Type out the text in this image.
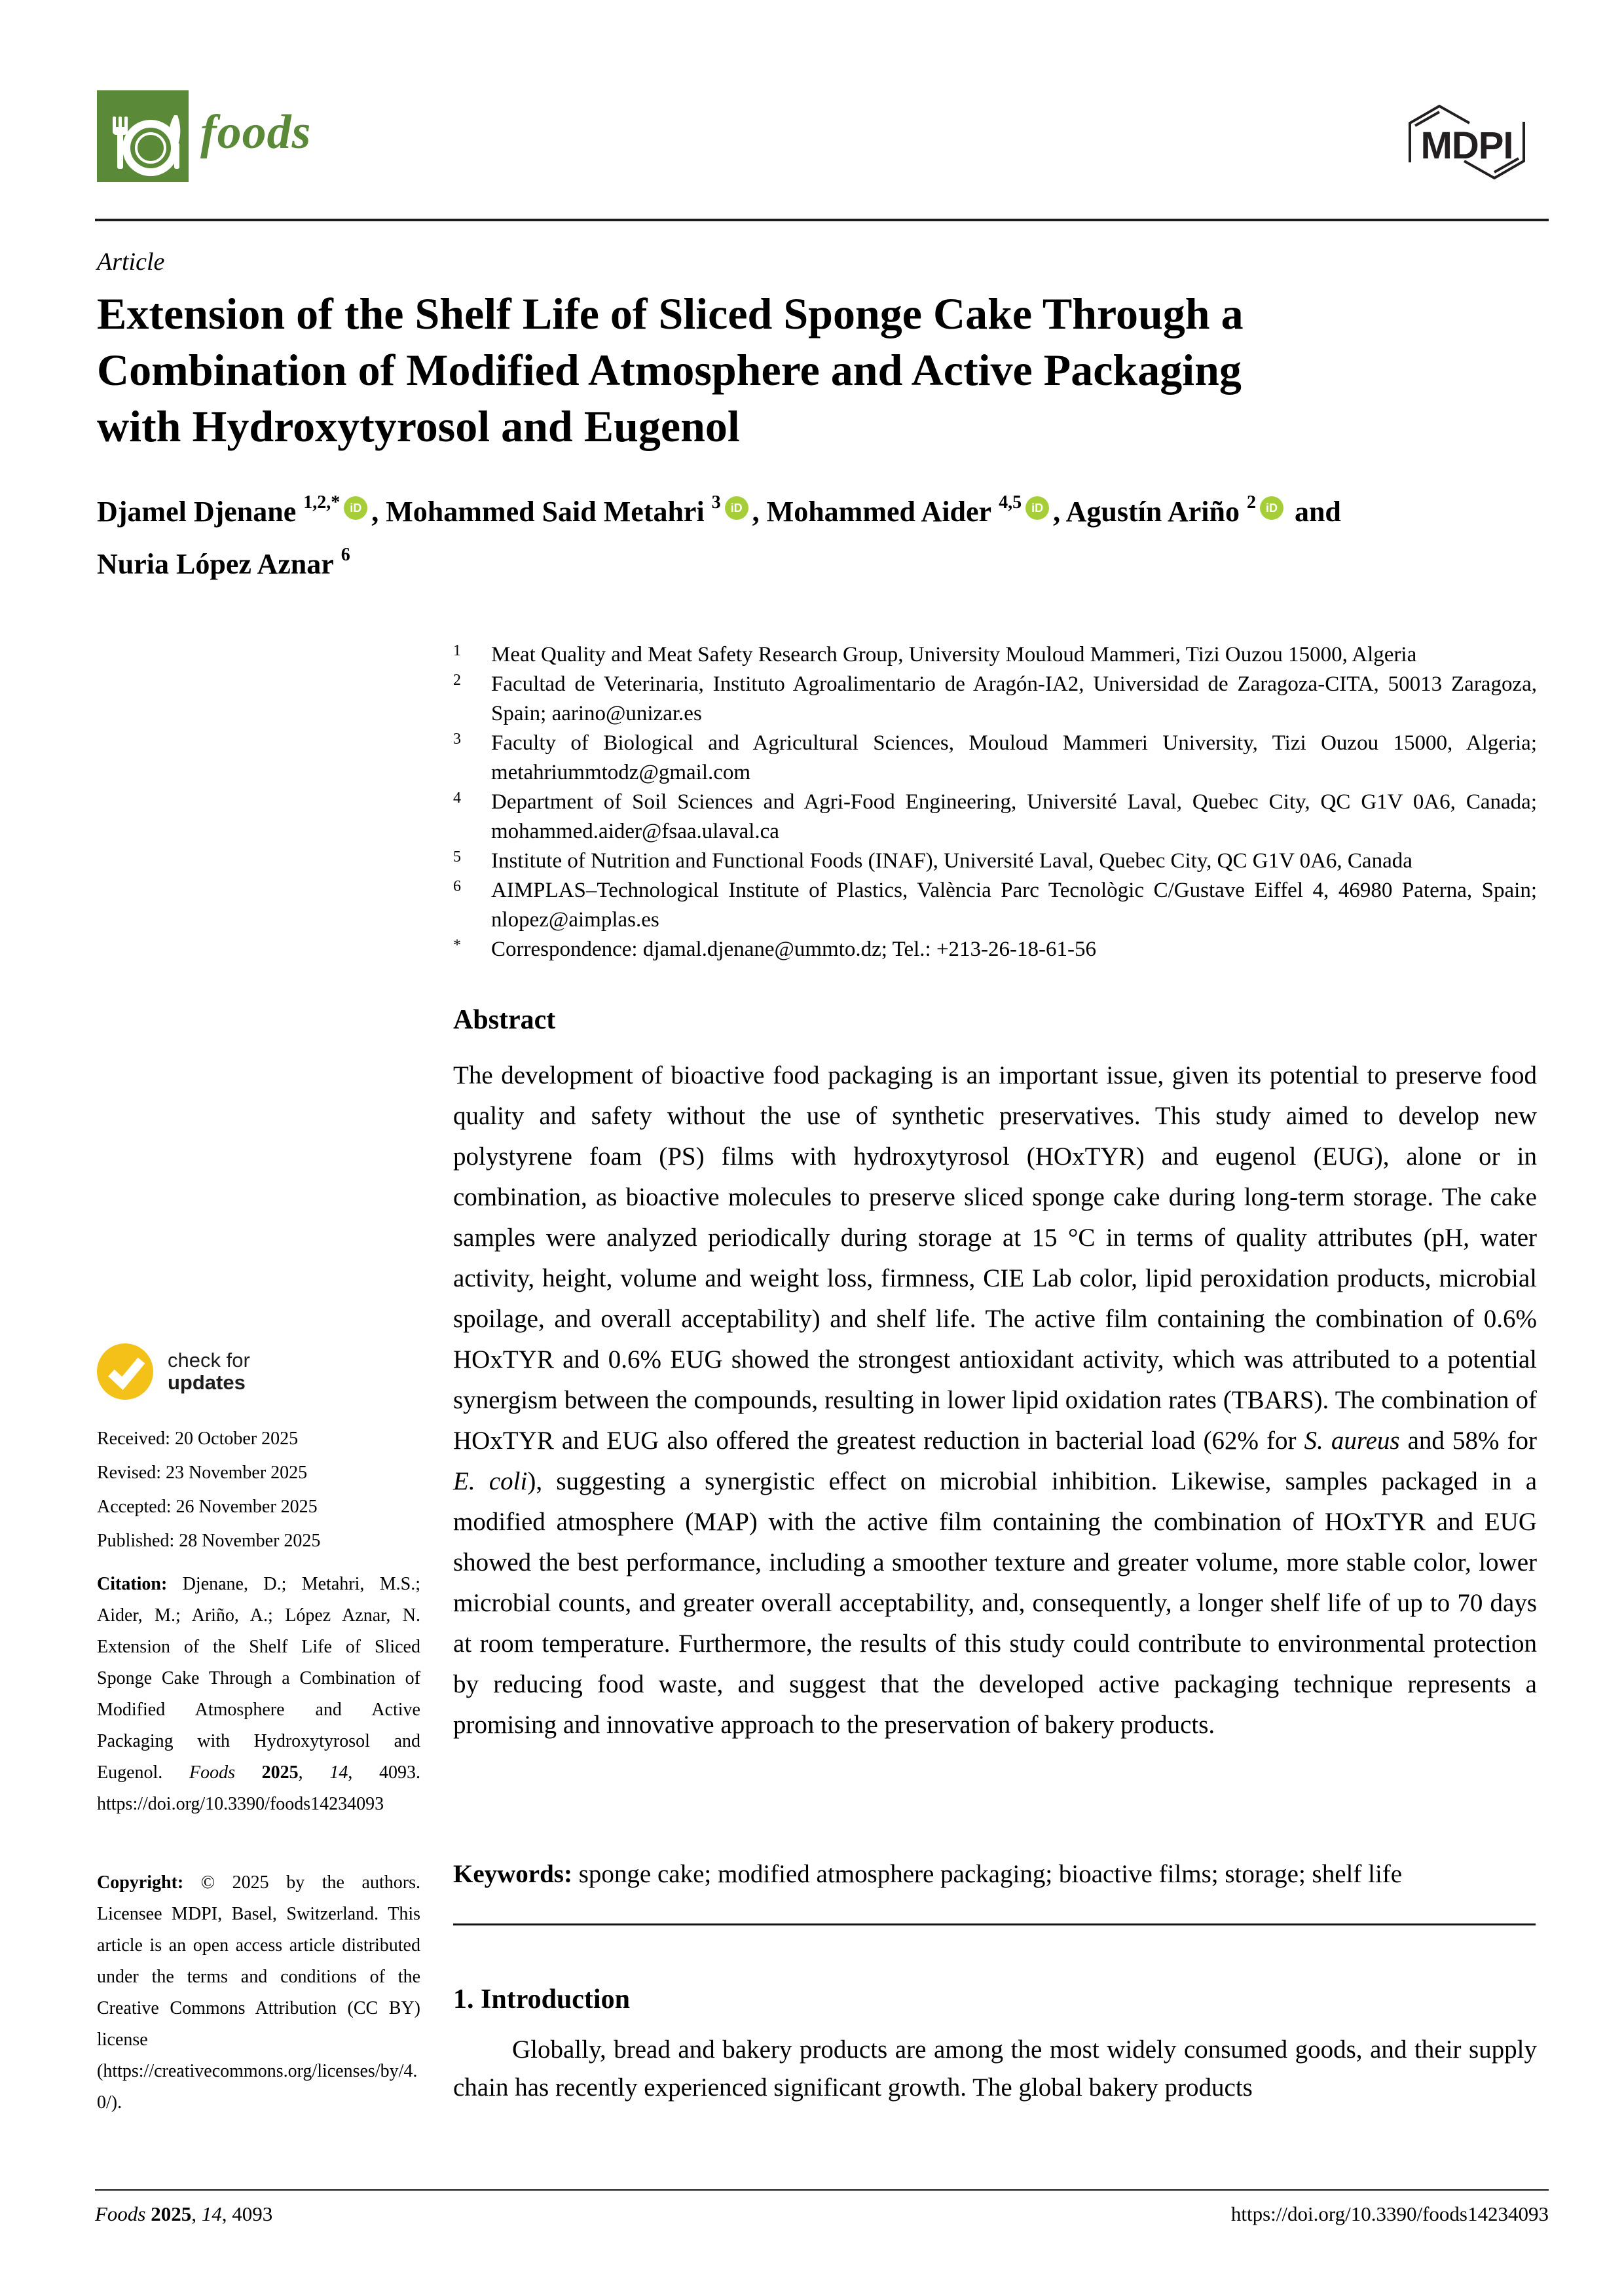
foods	MDPI
Article
Extension of the Shelf Life of Sliced Sponge Cake Through a
Combination of Modified Atmosphere and Active Packaging
with Hydroxytyrosol and Eugenol
Djamel Djenane $^{1,2,*}$ iD , Mohammed Said Metahri $^3$ iD , Mohammed Aider $^{4,5}$ iD , Agustín Ariño $^2$ iD and
Nuria López Aznar $^6$
check for
updates
Received: 20 October 2025
Revised: 23 November 2025
Accepted: 26 November 2025
Published: 28 November 2025
Citation: Djenane, D.; Metahri, M.S.; Aider, M.; Ariño, A.; López Aznar, N. Extension of the Shelf Life of Sliced Sponge Cake Through a Combination of Modified Atmosphere and Active Packaging with Hydroxytyrosol and Eugenol. Foods 2025, 14, 4093. https://doi.org/10.3390/foods14234093
Copyright: © 2025 by the authors. Licensee MDPI, Basel, Switzerland. This article is an open access article distributed under the terms and conditions of the Creative Commons Attribution (CC BY) license (https://creativecommons.org/licenses/by/4.0/).
1	Meat Quality and Meat Safety Research Group, University Mouloud Mammeri, Tizi Ouzou 15000, Algeria
2	Facultad de Veterinaria, Instituto Agroalimentario de Aragón-IA2, Universidad de Zaragoza-CITA, 50013 Zaragoza, Spain; aarino@unizar.es
3	Faculty of Biological and Agricultural Sciences, Mouloud Mammeri University, Tizi Ouzou 15000, Algeria; metahriummtodz@gmail.com
4	Department of Soil Sciences and Agri-Food Engineering, Université Laval, Quebec City, QC G1V 0A6, Canada; mohammed.aider@fsaa.ulaval.ca
5	Institute of Nutrition and Functional Foods (INAF), Université Laval, Quebec City, QC G1V 0A6, Canada
6	AIMPLAS–Technological Institute of Plastics, València Parc Tecnològic C/Gustave Eiffel 4, 46980 Paterna, Spain; nlopez@aimplas.es
*	Correspondence: djamal.djenane@ummto.dz; Tel.: +213-26-18-61-56
Abstract
The development of bioactive food packaging is an important issue, given its potential to preserve food quality and safety without the use of synthetic preservatives. This study aimed to develop new polystyrene foam (PS) films with hydroxytyrosol (HOxTYR) and eugenol (EUG), alone or in combination, as bioactive molecules to preserve sliced sponge cake during long-term storage. The cake samples were analyzed periodically during storage at 15 °C in terms of quality attributes (pH, water activity, height, volume and weight loss, firmness, CIE Lab color, lipid peroxidation products, microbial spoilage, and overall acceptability) and shelf life. The active film containing the combination of 0.6% HOxTYR and 0.6% EUG showed the strongest antioxidant activity, which was attributed to a potential synergism between the compounds, resulting in lower lipid oxidation rates (TBARS). The combination of HOxTYR and EUG also offered the greatest reduction in bacterial load (62% for S. aureus and 58% for E. coli), suggesting a synergistic effect on microbial inhibition. Likewise, samples packaged in a modified atmosphere (MAP) with the active film containing the combination of HOxTYR and EUG showed the best performance, including a smoother texture and greater volume, more stable color, lower microbial counts, and greater overall acceptability, and, consequently, a longer shelf life of up to 70 days at room temperature. Furthermore, the results of this study could contribute to environmental protection by reducing food waste, and suggest that the developed active packaging technique represents a promising and innovative approach to the preservation of bakery products.
Keywords: sponge cake; modified atmosphere packaging; bioactive films; storage; shelf life
1. Introduction
Globally, bread and bakery products are among the most widely consumed goods, and their supply chain has recently experienced significant growth. The global bakery products
Foods 2025, 14, 4093	https://doi.org/10.3390/foods14234093
